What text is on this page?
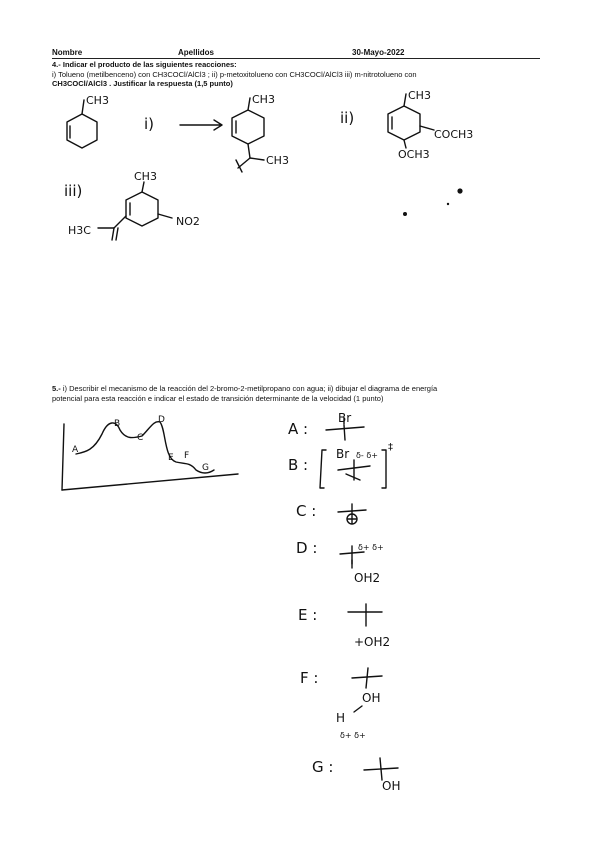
Nombre	Apellidos	30-Mayo-2022
4.- Indicar el producto de las siguientes reacciones:
i) Tolueno (metilbenceno) con CH3COCl/AlCl3 ; ii) p-metoxitolueno con CH3COCl/AlCl3 iii) m-nitrotolueno con
CH3COCl/AlCl3 . Justificar la respuesta (1,5 punto)
5.- i) Describir el mecanismo de la reacción del 2-bromo-2-metilpropano con agua; ii) dibujar el diagrama de energía
potencial para esta reacción e indicar el estado de transición determinante de la velocidad (1 punto)
CH3
i)
CH3
CH3
ii)
CH3
COCH3
OCH3
iii)
CH3
NO2
H3C
⟶
A
B
C
D
E F
G
A :
Br
B :
Br δ- δ+
‡
C :
D :
OH2
δ+ δ+
E :
+OH2
F :
OH
H
δ+ δ+
G :
OH
